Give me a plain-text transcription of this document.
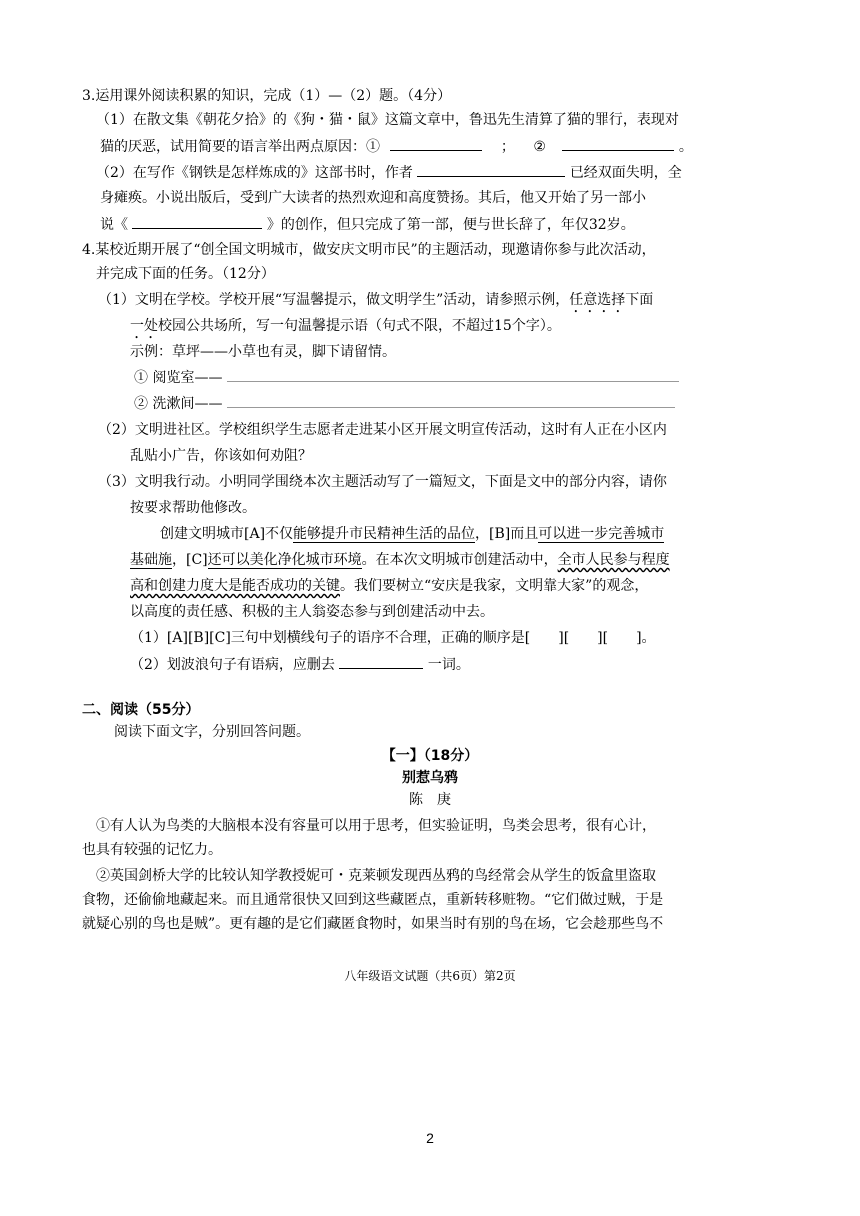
3.运用课外阅读积累的知识，完成（1）—（2）题。（4分）
（1）在散文集《朝花夕拾》的《狗・猫・鼠》这篇文章中，鲁迅先生清算了猫的罪行，表现对
猫的厌恶，试用简要的语言举出两点原因：①	； ②	。
（2）在写作《钢铁是怎样炼成的》这部书时，作者	已经双面失明，全
身瘫痪。小说出版后，受到广大读者的热烈欢迎和高度赞扬。其后，他又开始了另一部小
说《	》的创作，但只完成了第一部，便与世长辞了，年仅32岁。
4.某校近期开展了“创全国文明城市，做安庆文明市民”的主题活动，现邀请你参与此次活动，
并完成下面的任务。（12分）
（1）文明在学校。学校开展“写温馨提示，做文明学生”活动，请参照示例，任意选择下面
一处校园公共场所，写一句温馨提示语（句式不限，不超过15个字）。
示例：草坪——小草也有灵，脚下请留情。
① 阅览室——
② 洗漱间——
（2）文明进社区。学校组织学生志愿者走进某小区开展文明宣传活动，这时有人正在小区内
乱贴小广告，你该如何劝阻？
（3）文明我行动。小明同学围绕本次主题活动写了一篇短文，下面是文中的部分内容，请你
按要求帮助他修改。
创建文明城市[A]不仅能够提升市民精神生活的品位，[B]而且可以进一步完善城市
基础施，[C]还可以美化净化城市环境。在本次文明城市创建活动中，全市人民参与程度
高和创建力度大是能否成功的关键。我们要树立“安庆是我家，文明靠大家”的观念，
以高度的责任感、积极的主人翁姿态参与到创建活动中去。
（1）[A][B][C]三句中划横线句子的语序不合理，正确的顺序是[　　][　　][　　]。
（2）划波浪句子有语病，应删去	一词。
二、阅读（55分）
阅读下面文字，分别回答问题。
【一】（18分）
别惹乌鸦
陈　庚
①有人认为鸟类的大脑根本没有容量可以用于思考，但实验证明，鸟类会思考，很有心计，
也具有较强的记忆力。
②英国剑桥大学的比较认知学教授妮可・克莱顿发现西丛鸦的鸟经常会从学生的饭盒里盗取
食物，还偷偷地藏起来。而且通常很快又回到这些藏匿点，重新转移赃物。“它们做过贼，于是
就疑心别的鸟也是贼”。更有趣的是它们藏匿食物时，如果当时有别的鸟在场，它会趁那些鸟不
八年级语文试题（共6页）第2页
2
